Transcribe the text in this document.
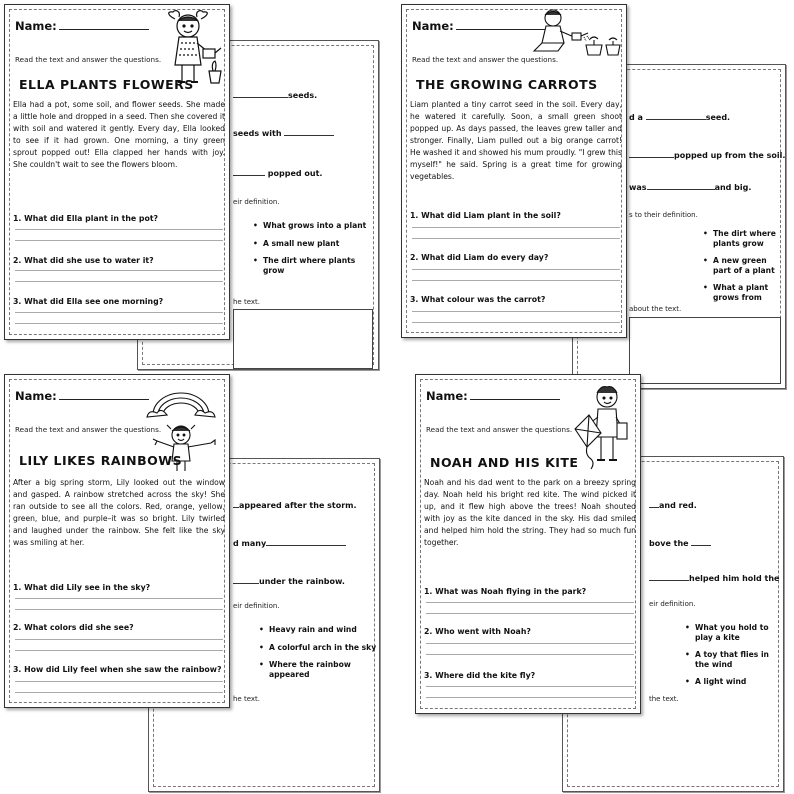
seeds.
seeds with
popped out.
eir definition.
• What grows into a plant
• A small new plant
• The dirt where plants grow
he text.
Name:
Read the text and answer the questions.
ELLA PLANTS FLOWERS
Ella had a pot, some soil, and flower seeds. She made a little hole and dropped in a seed. Then she covered it with soil and watered it gently. Every day, Ella looked to see if it had grown. One morning, a tiny green sprout popped out! Ella clapped her hands with joy. She couldn't wait to see the flowers bloom.
1. What did Ella plant in the pot?
2. What did she use to water it?
3. What did Ella see one morning?
d a	seed.
popped up from the soil.
was	and big.
s to their definition.
• The dirt where plants grow
• A new green part of a plant
• What a plant grows from
about the text.
Name:
Read the text and answer the questions.
THE GROWING CARROTS
Liam planted a tiny carrot seed in the soil. Every day, he watered it carefully. Soon, a small green shoot popped up. As days passed, the leaves grew taller and stronger. Finally, Liam pulled out a big orange carrot! He washed it and showed his mum proudly. "I grew this myself!" he said. Spring is a great time for growing vegetables.
1. What did Liam plant in the soil?
2. What did Liam do every day?
3. What colour was the carrot?
appeared after the storm.
d many
under the rainbow.
eir definition.
• Heavy rain and wind
• A colorful arch in the sky
• Where the rainbow appeared
he text.
Name:
Read the text and answer the questions.
LILY LIKES RAINBOWS
After a big spring storm, Lily looked out the window and gasped. A rainbow stretched across the sky! She ran outside to see all the colors. Red, orange, yellow, green, blue, and purple–it was so bright. Lily twirled and laughed under the rainbow. She felt like the sky was smiling at her.
1. What did Lily see in the sky?
2. What colors did she see?
3. How did Lily feel when she saw the rainbow?
and red.
bove the
helped him hold the
eir definition.
• What you hold to play a kite
• A toy that flies in the wind
• A light wind
the text.
Name:
Read the text and answer the questions.
NOAH AND HIS KITE
Noah and his dad went to the park on a breezy spring day. Noah held his bright red kite. The wind picked it up, and it flew high above the trees! Noah shouted with joy as the kite danced in the sky. His dad smiled and helped him hold the string. They had so much fun together.
1. What was Noah flying in the park?
2. Who went with Noah?
3. Where did the kite fly?
